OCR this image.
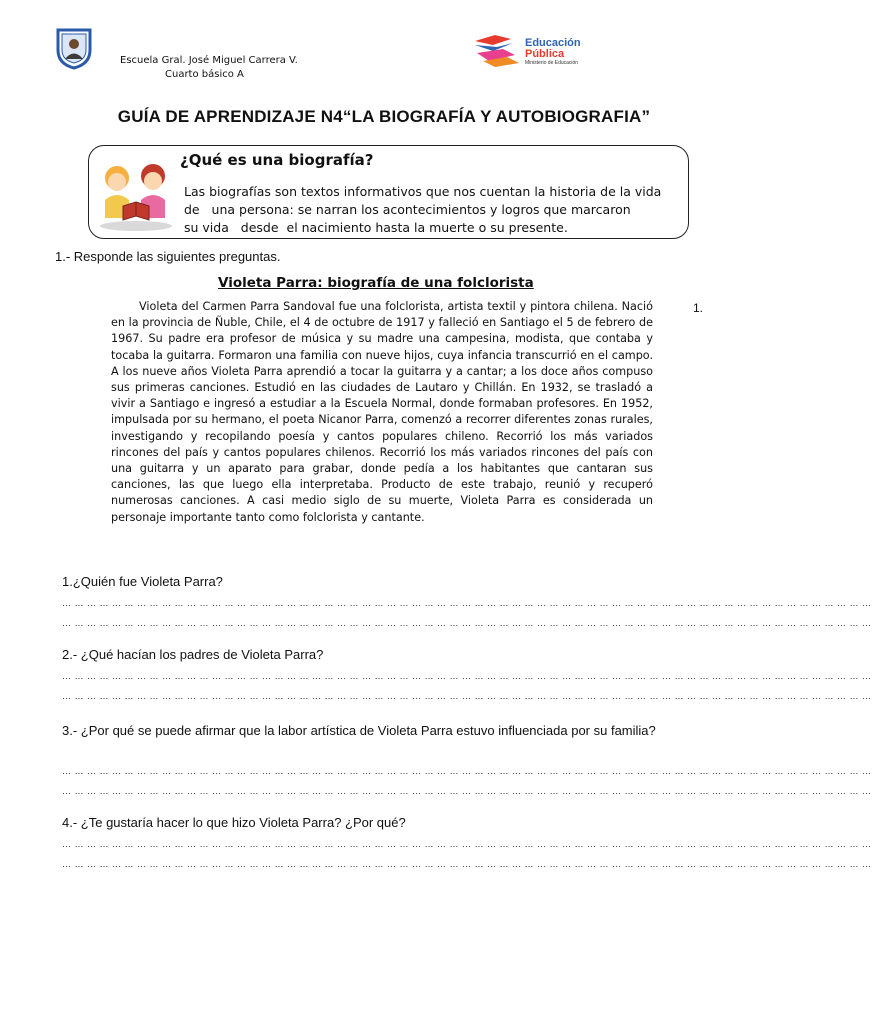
Escuela Gral. José Miguel Carrera V.
Cuarto básico A
Educación
Pública
Ministerio de Educación
GUÍA DE APRENDIZAJE N4“LA BIOGRAFÍA Y AUTOBIOGRAFIA”
¿Qué es una biografía?
Las biografías son textos informativos que nos cuentan la historia de la vida
de   una persona: se narran los acontecimientos y logros que marcaron
su vida   desde  el nacimiento hasta la muerte o su presente.
1.- Responde las siguientes preguntas.
Violeta Parra: biografía de una folclorista
1.
Violeta del Carmen Parra Sandoval fue una folclorista, artista textil y pintora chilena. Nació en la provincia de Ñuble, Chile, el 4 de octubre de 1917 y falleció en Santiago el 5 de febrero de 1967. Su padre era profesor de música y su madre una campesina, modista, que contaba y tocaba la guitarra. Formaron una familia con nueve hijos, cuya infancia transcurrió en el campo. A los nueve años Violeta Parra aprendió a tocar la guitarra y a cantar; a los doce años compuso sus primeras canciones. Estudió en las ciudades de Lautaro y Chillán. En 1932, se trasladó a vivir a Santiago e ingresó a estudiar a la Escuela Normal, donde formaban profesores. En 1952, impulsada por su hermano, el poeta Nicanor Parra, comenzó a recorrer diferentes zonas rurales, investigando y recopilando poesía y cantos populares chileno. Recorrió los más variados rincones del país y cantos populares chilenos. Recorrió los más variados rincones del país con una guitarra y un aparato para grabar, donde pedía a los habitantes que cantaran sus canciones, las que luego ella interpretaba. Producto de este trabajo, reunió y recuperó numerosas canciones. A casi medio siglo de su muerte, Violeta Parra es considerada un personaje importante tanto como folclorista y cantante.
1.¿Quién fue Violeta Parra?
… … … … … … … … … … … … … … … … … … … … … … … … … … … … … … … … … … … … … … … … … … … … … … … … … … … … … … … … … … … … … … … … …
… … … … … … … … … … … … … … … … … … … … … … … … … … … … … … … … … … … … … … … … … … … … … … … … … … … … … … … … … … … … … … … … …
2.- ¿Qué hacían los padres de Violeta Parra?
… … … … … … … … … … … … … … … … … … … … … … … … … … … … … … … … … … … … … … … … … … … … … … … … … … … … … … … … … … … … … … … … …
… … … … … … … … … … … … … … … … … … … … … … … … … … … … … … … … … … … … … … … … … … … … … … … … … … … … … … … … … … … … … … … … …
3.- ¿Por qué se puede afirmar que la labor artística de Violeta Parra estuvo influenciada por su familia?
… … … … … … … … … … … … … … … … … … … … … … … … … … … … … … … … … … … … … … … … … … … … … … … … … … … … … … … … … … … … … … … … …
… … … … … … … … … … … … … … … … … … … … … … … … … … … … … … … … … … … … … … … … … … … … … … … … … … … … … … … … … … … … … … … … …
4.- ¿Te gustaría hacer lo que hizo Violeta Parra? ¿Por qué?
… … … … … … … … … … … … … … … … … … … … … … … … … … … … … … … … … … … … … … … … … … … … … … … … … … … … … … … … … … … … … … … … …
… … … … … … … … … … … … … … … … … … … … … … … … … … … … … … … … … … … … … … … … … … … … … … … … … … … … … … … … … … … … … … … … …
